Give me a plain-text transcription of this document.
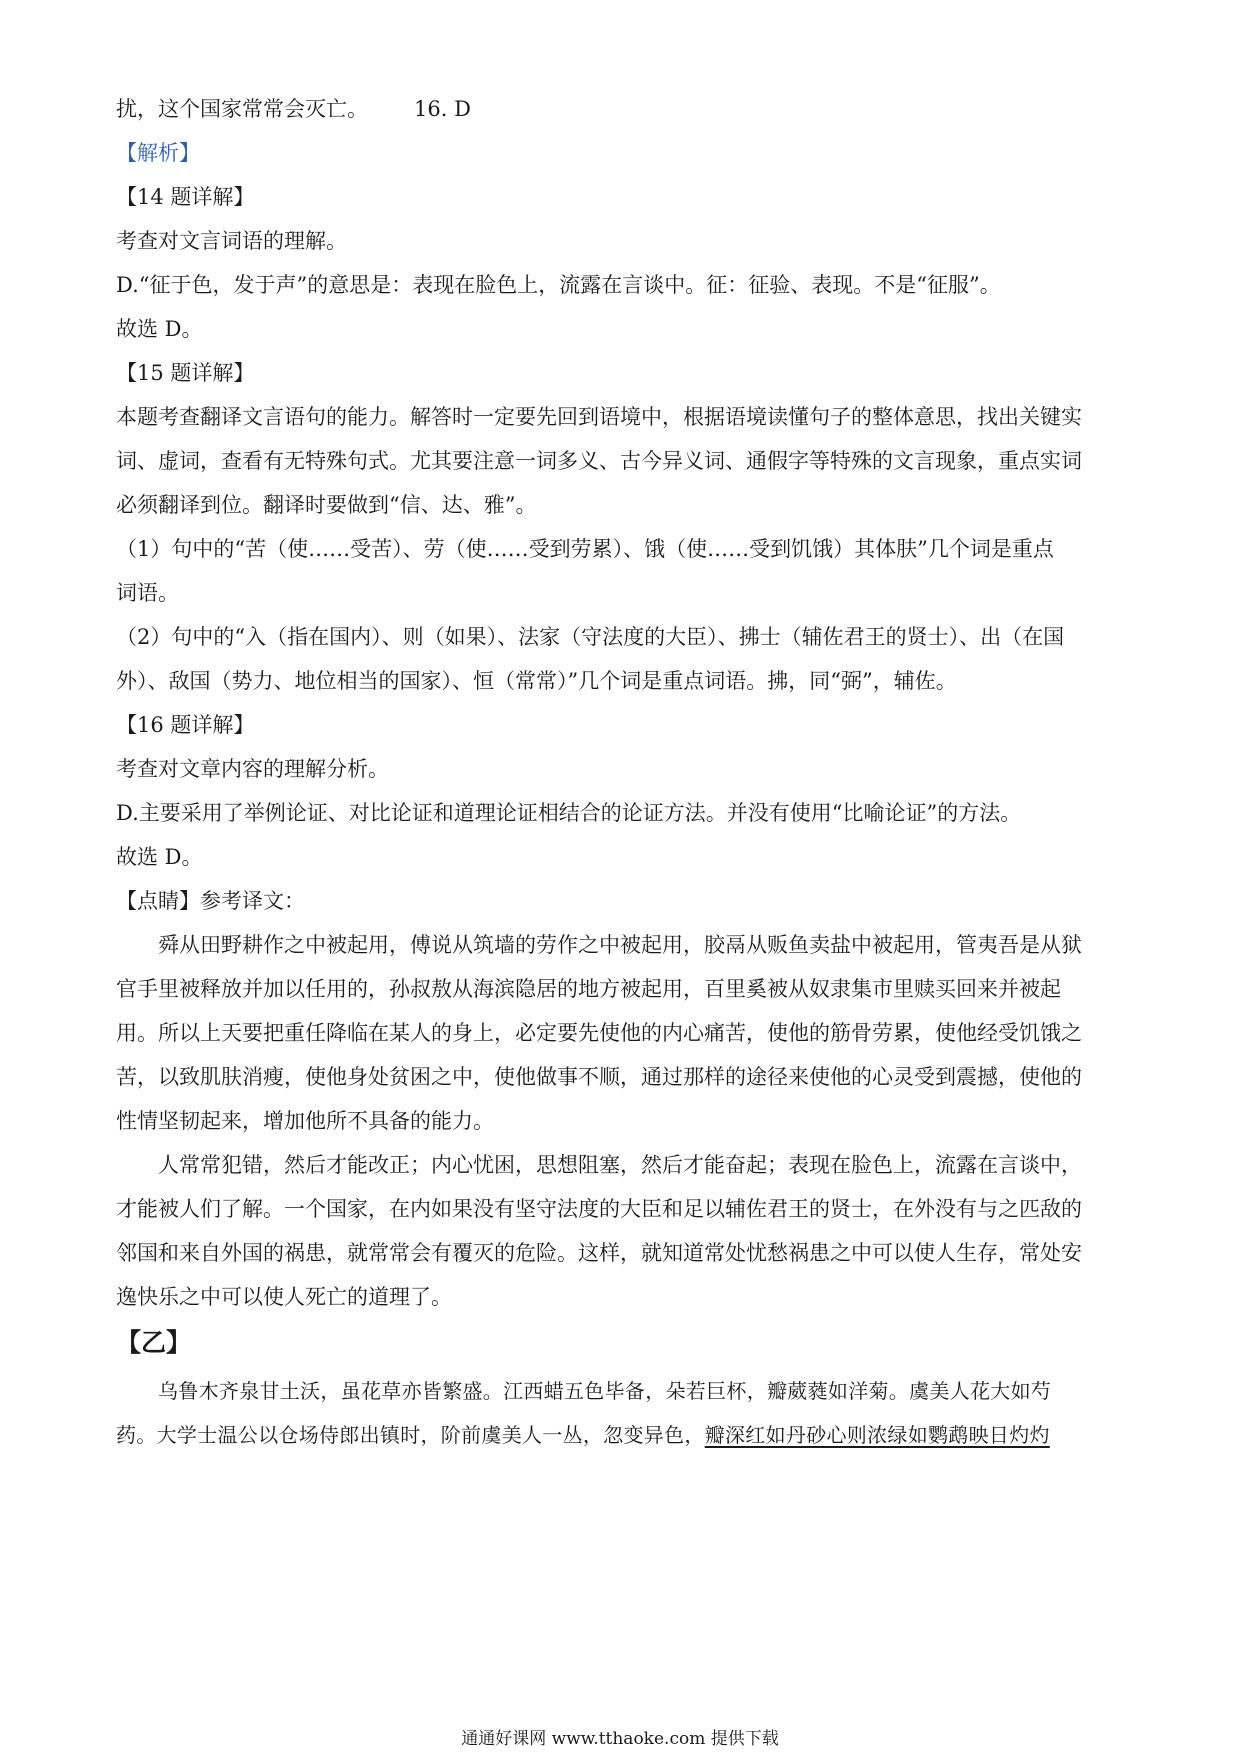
扰，这个国家常常会灭亡。 16. D

【解析】

【14 题详解】

考查对文言词语的理解。

D.“征于色，发于声”的意思是：表现在脸色上，流露在言谈中。征：征验、表现。不是“征服”。

故选 D。

【15 题详解】

本题考查翻译文言语句的能力。解答时一定要先回到语境中，根据语境读懂句子的整体意思，找出关键实

词、虚词，查看有无特殊句式。尤其要注意一词多义、古今异义词、通假字等特殊的文言现象，重点实词

必须翻译到位。翻译时要做到“信、达、雅”。

（1）句中的“苦（使……受苦）、劳（使……受到劳累）、饿（使……受到饥饿）其体肤”几个词是重点

词语。

（2）句中的“入（指在国内）、则（如果）、法家（守法度的大臣）、拂士（辅佐君王的贤士）、出（在国

外）、敌国（势力、地位相当的国家）、恒（常常）”几个词是重点词语。拂，同“弼”，辅佐。

【16 题详解】

考查对文章内容的理解分析。

D.主要采用了举例论证、对比论证和道理论证相结合的论证方法。并没有使用“比喻论证”的方法。

故选 D。

【点睛】参考译文：

舜从田野耕作之中被起用，傅说从筑墙的劳作之中被起用，胶鬲从贩鱼卖盐中被起用，管夷吾是从狱

官手里被释放并加以任用的，孙叔敖从海滨隐居的地方被起用，百里奚被从奴隶集市里赎买回来并被起

用。所以上天要把重任降临在某人的身上，必定要先使他的内心痛苦，使他的筋骨劳累，使他经受饥饿之

苦，以致肌肤消瘦，使他身处贫困之中，使他做事不顺，通过那样的途径来使他的心灵受到震撼，使他的

性情坚韧起来，增加他所不具备的能力。

人常常犯错，然后才能改正；内心忧困，思想阻塞，然后才能奋起；表现在脸色上，流露在言谈中，

才能被人们了解。一个国家，在内如果没有坚守法度的大臣和足以辅佐君王的贤士，在外没有与之匹敌的

邻国和来自外国的祸患，就常常会有覆灭的危险。这样，就知道常处忧愁祸患之中可以使人生存，常处安

逸快乐之中可以使人死亡的道理了。

【乙】

乌鲁木齐泉甘土沃，虽花草亦皆繁盛。江西蜡五色毕备，朵若巨杯，瓣葳蕤如洋菊。虞美人花大如芍

药。大学士温公以仓场侍郎出镇时，阶前虞美人一丛，忽变异色，瓣深红如丹砂心则浓绿如鹦鹉映日灼灼

通通好课网 www.tthaoke.com 提供下载
